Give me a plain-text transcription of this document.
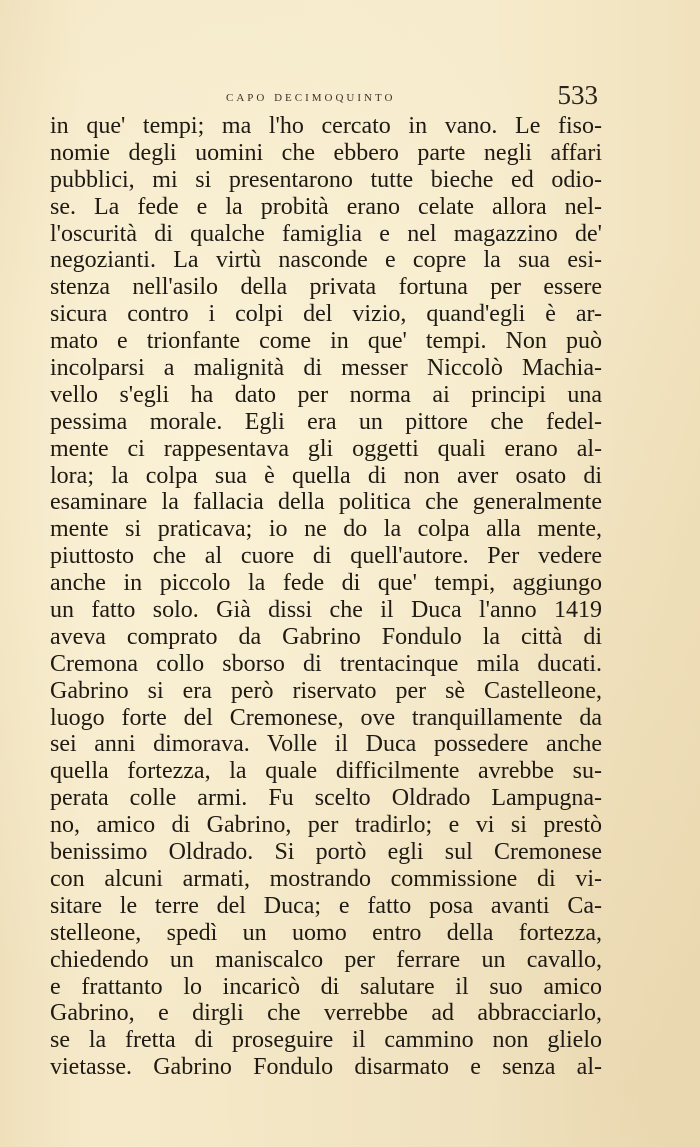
capo decimoquinto	533
in que' tempi; ma l'ho cercato in vano. Le fiso-
nomie degli uomini che ebbero parte negli affari
pubblici, mi si presentarono tutte bieche ed odio-
se. La fede e la probità erano celate allora nel-
l'oscurità di qualche famiglia e nel magazzino de'
negozianti. La virtù nasconde e copre la sua esi-
stenza nell'asilo della privata fortuna per essere
sicura contro i colpi del vizio, quand'egli è ar-
mato e trionfante come in que' tempi. Non può
incolparsi a malignità di messer Niccolò Machia-
vello s'egli ha dato per norma ai principi una
pessima morale. Egli era un pittore che fedel-
mente ci rappesentava gli oggetti quali erano al-
lora; la colpa sua è quella di non aver osato di
esaminare la fallacia della politica che generalmente
mente si praticava; io ne do la colpa alla mente,
piuttosto che al cuore di quell'autore. Per vedere
anche in piccolo la fede di que' tempi, aggiungo
un fatto solo. Già dissi che il Duca l'anno 1419
aveva comprato da Gabrino Fondulo la città di
Cremona collo sborso di trentacinque mila ducati.
Gabrino si era però riservato per sè Castelleone,
luogo forte del Cremonese, ove tranquillamente da
sei anni dimorava. Volle il Duca possedere anche
quella fortezza, la quale difficilmente avrebbe su-
perata colle armi. Fu scelto Oldrado Lampugna-
no, amico di Gabrino, per tradirlo; e vi si prestò
benissimo Oldrado. Si portò egli sul Cremonese
con alcuni armati, mostrando commissione di vi-
sitare le terre del Duca; e fatto posa avanti Ca-
stelleone, spedì un uomo entro della fortezza,
chiedendo un maniscalco per ferrare un cavallo,
e frattanto lo incaricò di salutare il suo amico
Gabrino, e dirgli che verrebbe ad abbracciarlo,
se la fretta di proseguire il cammino non glielo
vietasse. Gabrino Fondulo disarmato e senza al-
